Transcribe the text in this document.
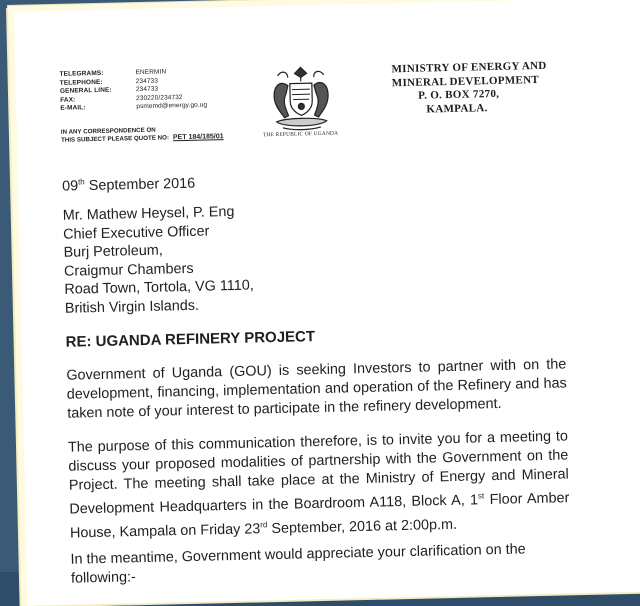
TELEGRAMS:	ENERMIN
TELEPHONE:	234733
GENERAL LINE:	234733
FAX:	230220/234732
E-MAIL:	psmemd@energy.go.ug
IN ANY CORRESPONDENCE ON
THIS SUBJECT PLEASE QUOTE NO: PET 184/185/01	THE REPUBLIC OF UGANDA
MINISTRY OF ENERGY AND
MINERAL DEVELOPMENT
P. O. BOX 7270,
KAMPALA.
09th September 2016
Mr. Mathew Heysel, P. Eng
Chief Executive Officer
Burj Petroleum,
Craigmur Chambers
Road Town, Tortola, VG 1110,
British Virgin Islands.
RE: UGANDA REFINERY PROJECT
Government of Uganda (GOU) is seeking Investors to partner with on the development, financing, implementation and operation of the Refinery and has taken note of your interest to participate in the refinery development.
The purpose of this communication therefore, is to invite you for a meeting to discuss your proposed modalities of partnership with the Government on the Project. The meeting shall take place at the Ministry of Energy and Mineral Development Headquarters in the Boardroom A118, Block A, 1st Floor Amber House, Kampala on Friday 23rd September, 2016 at 2:00p.m.
In the meantime, Government would appreciate your clarification on the following:-
